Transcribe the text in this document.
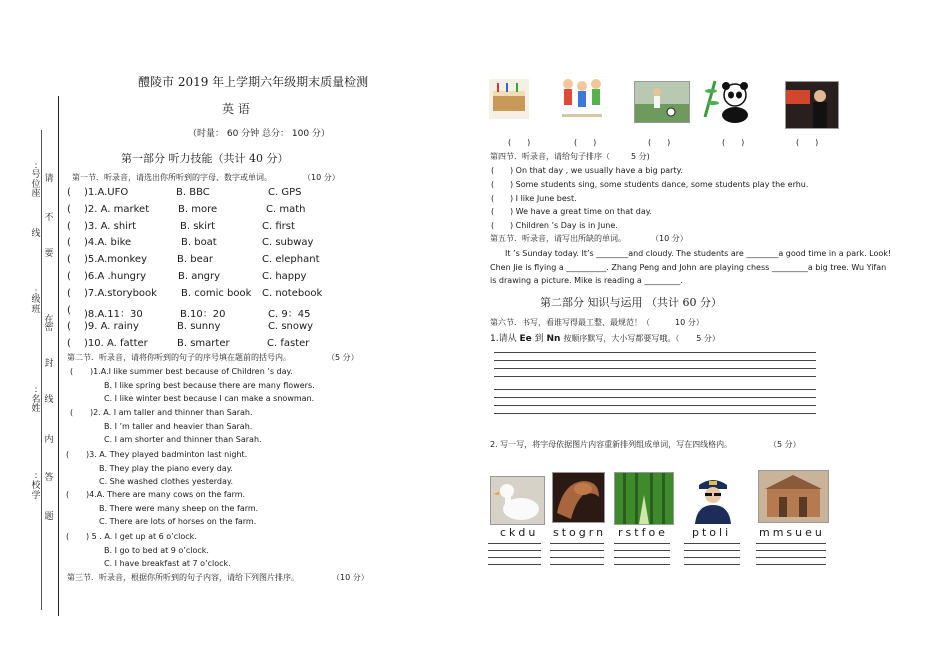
醴陵市 2019 年上学期六年级期末质量检测
英 语
（时量： 60 分钟 总分： 100 分）
:
号
位
座
:
级
班
:
名
姓
:
校
学
请
不
要
在
密
封
线
内
答
题
线
第一部分 听力技能（共计 40 分）
第一节．听录音，请选出你所听到的字母、数字或单词。	（10 分）
( )1.A.UFO	B. BBC	C. GPS
( )2. A. market	B. more	C. math
( )3. A. shirt	B. skirt	C. first
( )4.A. bike	B. boat	C. subway
( )5.A.monkey	B. bear	C. elephant
( )6.A .hungry	B. angry	C. happy
( )7.A.storybook B. comic book C. notebook
( )8.A.11：30	B.10：20	C. 9：45
( )9. A. rainy	B. sunny	C. snowy
( )10. A. fatter	B. smarter	C. faster
第二节．听录音，请将你听到的句子的序号填在题前的括号内。	（5 分）
( )1.A.I like summer best because of Children ’s day.
B. I like spring best because there are many flowers.
C. I like winter best because I can make a snowman.
( )2. A. I am taller and thinner than Sarah.
B. I ’m taller and heavier than Sarah.
C. I am shorter and thinner than Sarah.
( )3. A. They played badminton last night.
B. They play the piano every day.
C. She washed clothes yesterday.
( )4.A. There are many cows on the farm.
B. There were many sheep on the farm.
C. There are lots of horses on the farm.
( ) 5 . A. I get up at 6 o’clock.
B. I go to bed at 9 o’clock.
C. I have breakfast at 7 o’clock.
第三节．听录音，根据你所听到的句子内容，请给下列图片排序。	（10 分）
(　　)	(　　)	(　　)	(　　)	(　　)
第四节．听录音，请给句子排序（	5 分)
( ) On that day , we usually have a big party.
( ) Some students sing, some students dance, some students play the erhu.
( ) I like June best.
( ) We have a great time on that day.
( ) Children ’s Day is in June.
第五节．听录音，请写出所缺的单词。	（10 分）
It ’s Sunday today. It’s ________and cloudy. The students are ________a good time in a park. Look!
Chen Jie is flying a __________. Zhang Peng and John are playing chess _________a big tree. Wu Yifan
is drawing a picture. Mike is reading a _________.
第二部分 知识与运用 （共计 60 分）
第六节．书写，看谁写得最工整、最规范！（	10 分）
1.请从 Ee 到 Nn 按顺序默写，大小写都要写哦。（ 5 分）
2. 写一写，将字母依据图片内容重新排列组成单词，写在四线格内。	（5 分）
ckdu stogrn rstfoe ptoli	mmsueu
